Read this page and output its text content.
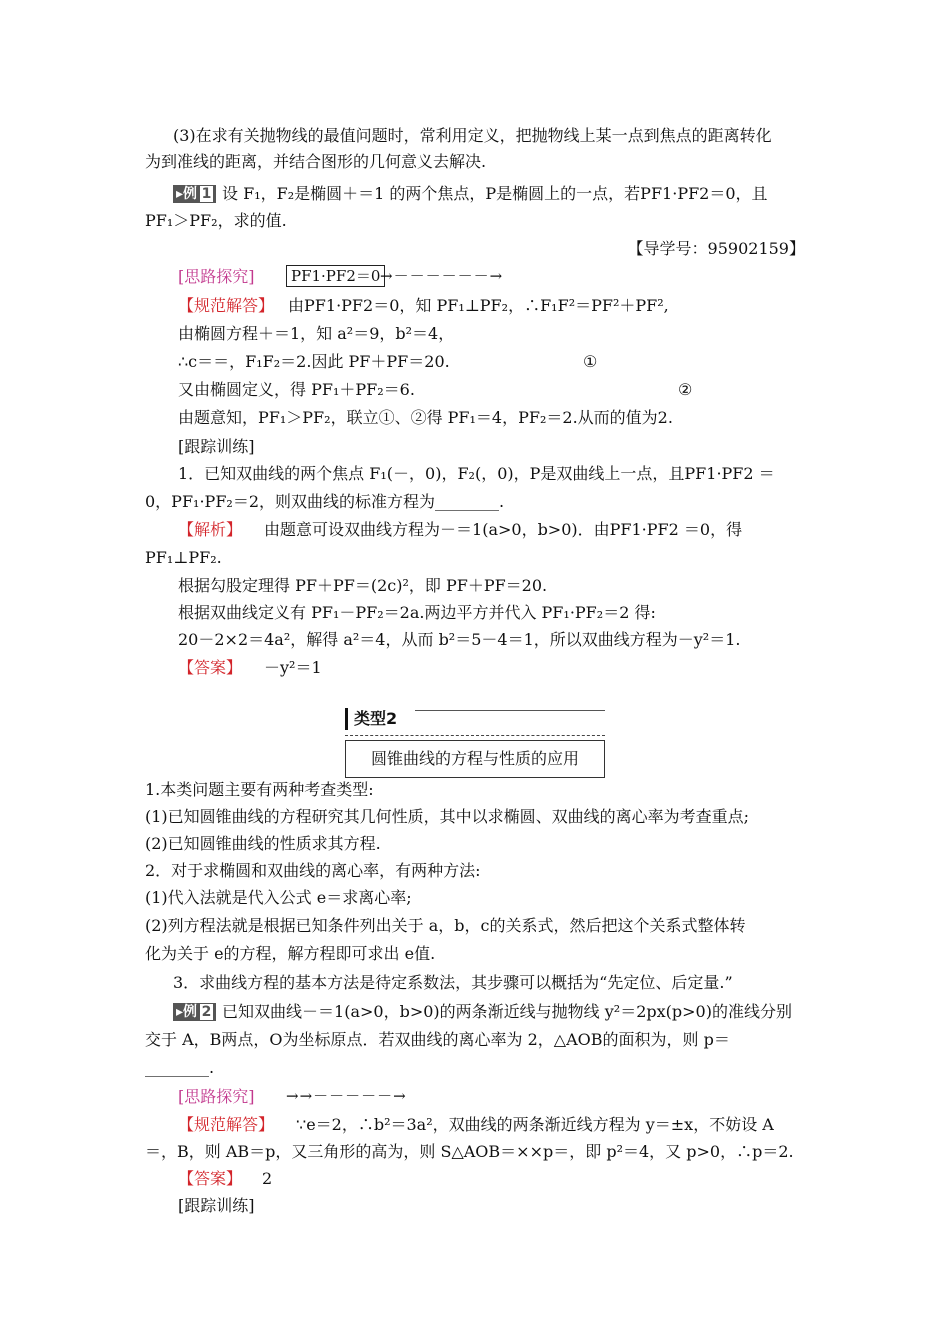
(3)在求有关抛物线的最值问题时，常利用定义，把抛物线上某一点到焦点的距离转化
为到准线的距离，并结合图形的几何意义去解决.
▸例 1 设 F₁，F₂是椭圆＋＝1 的两个焦点，P是椭圆上的一点，若PF1·PF2＝0，且
PF₁＞PF₂，求的值.
【导学号：95902159】
[思路探究]	PF1·PF2＝0 →－－－－－－→
【规范解答】 由PF1·PF2＝0，知 PF₁⊥PF₂，∴F₁F²＝PF²＋PF²,
由椭圆方程＋＝1，知 a²＝9，b²＝4，
∴c＝＝，F₁F₂＝2.因此 PF＋PF＝20.	①
又由椭圆定义，得 PF₁＋PF₂＝6.	②
由题意知，PF₁＞PF₂，联立①、②得 PF₁＝4，PF₂＝2.从而的值为2.
[跟踪训练]
1．已知双曲线的两个焦点 F₁(－，0)，F₂(，0)，P是双曲线上一点，且PF1·PF2 ＝
0，PF₁·PF₂＝2，则双曲线的标准方程为________.
【解析】 由题意可设双曲线方程为－＝1(a>0，b>0)．由PF1·PF2 ＝0，得
PF₁⊥PF₂.
根据勾股定理得 PF＋PF＝(2c)²，即 PF＋PF＝20.
根据双曲线定义有 PF₁－PF₂＝2a.两边平方并代入 PF₁·PF₂＝2 得:
20－2×2＝4a²，解得 a²＝4，从而 b²＝5－4＝1，所以双曲线方程为－y²＝1.
【答案】 －y²＝1
类型2
圆锥曲线的方程与性质的应用
1.本类问题主要有两种考查类型:
(1)已知圆锥曲线的方程研究其几何性质，其中以求椭圆、双曲线的离心率为考查重点;
(2)已知圆锥曲线的性质求其方程.
2．对于求椭圆和双曲线的离心率，有两种方法:
(1)代入法就是代入公式 e＝求离心率;
(2)列方程法就是根据已知条件列出关于 a，b，c的关系式，然后把这个关系式整体转
化为关于 e的方程，解方程即可求出 e值.
3．求曲线方程的基本方法是待定系数法，其步骤可以概括为“先定位、后定量.”
▸例 2 已知双曲线－＝1(a>0，b>0)的两条渐近线与抛物线 y²＝2px(p>0)的准线分别
交于 A，B两点，O为坐标原点．若双曲线的离心率为 2，△AOB的面积为，则 p＝
________.
[思路探究] →→－－－－－→
【规范解答】 ∵e＝2，∴b²＝3a²，双曲线的两条渐近线方程为 y＝±x，不妨设 A
＝，B，则 AB＝p，又三角形的高为，则 S△AOB＝××p＝，即 p²＝4，又 p>0，∴p＝2.
【答案】 2
[跟踪训练]
